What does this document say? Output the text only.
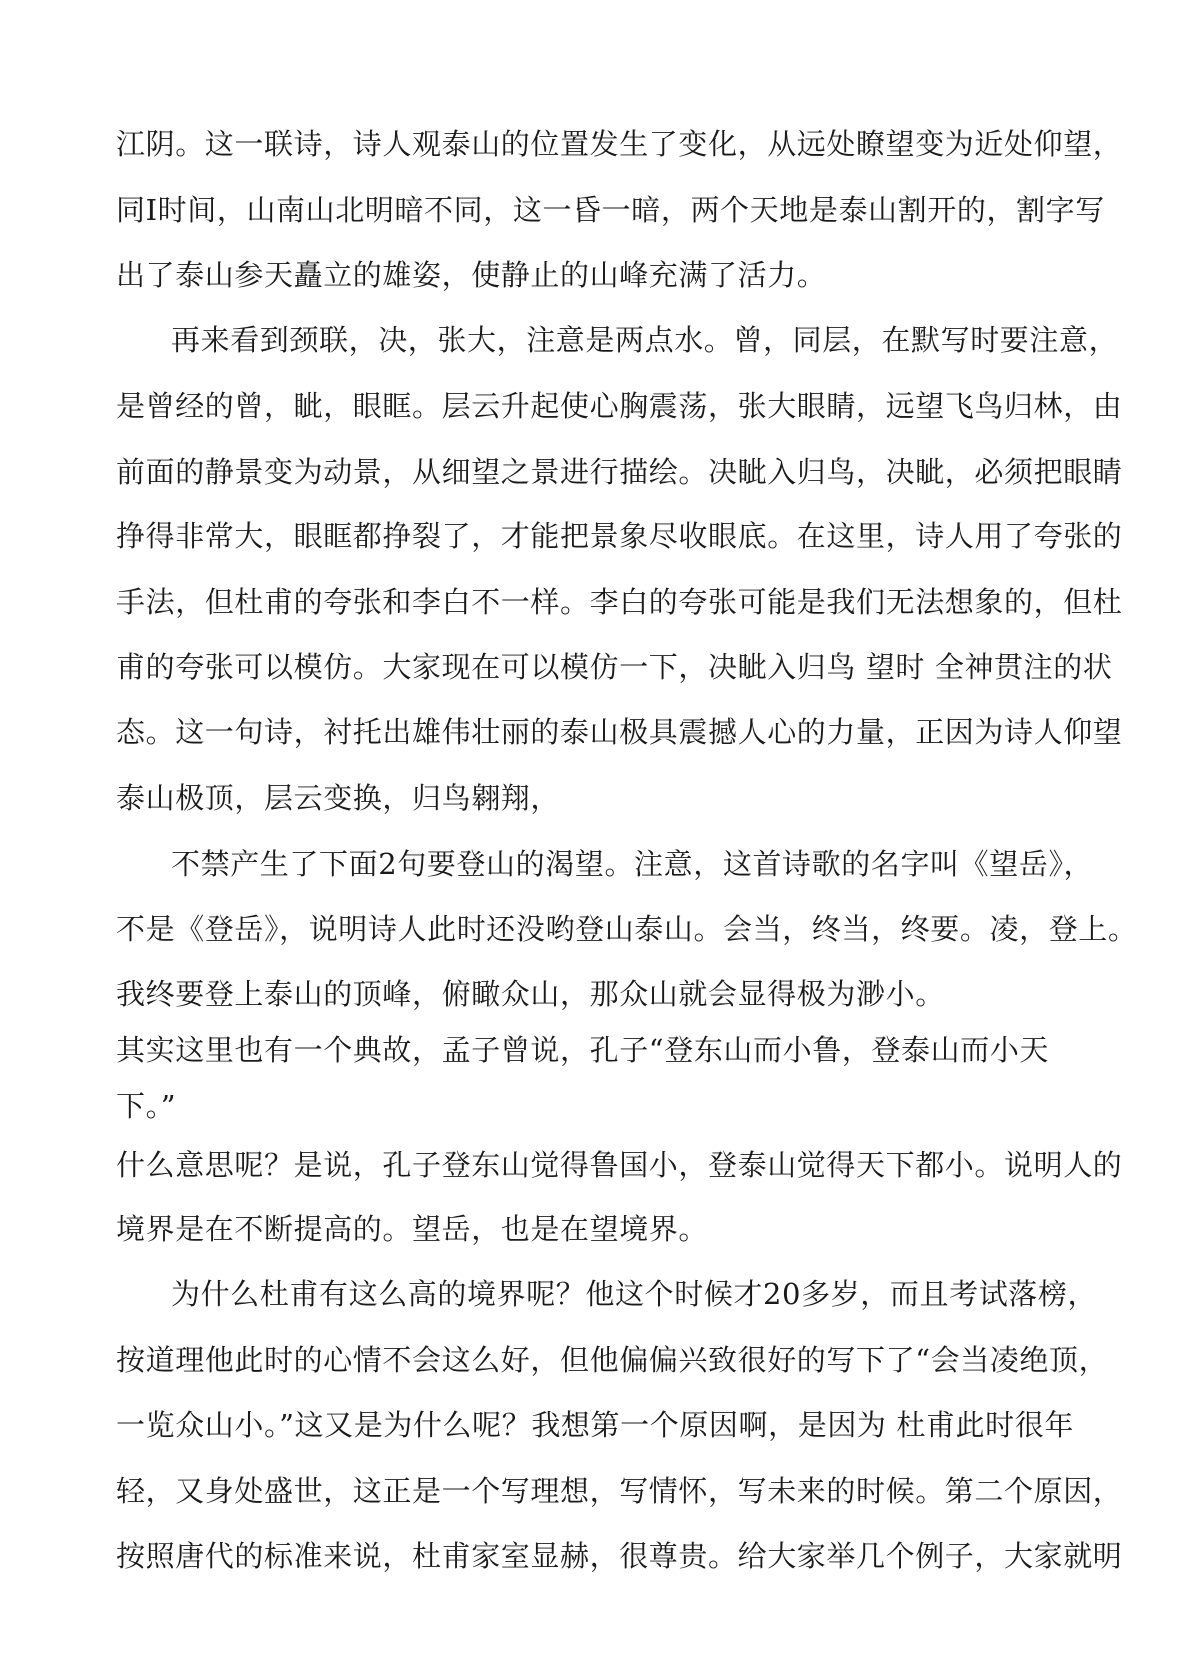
江阴。这一联诗，诗人观泰山的位置发生了变化，从远处瞭望变为近处仰望，

同Ⅰ时间，山南山北明暗不同，这一昏一暗，两个天地是泰山割开的，割字写

出了泰山参天矗立的雄姿，使静止的山峰充满了活力。

再来看到颈联，决，张大，注意是两点水。曾，同层，在默写时要注意，

是曾经的曾，眦，眼眶。层云升起使心胸震荡，张大眼睛，远望飞鸟归林，由

前面的静景变为动景，从细望之景进行描绘。决眦入归鸟，决眦，必须把眼睛

挣得非常大，眼眶都挣裂了，才能把景象尽收眼底。在这里，诗人用了夸张的

手法，但杜甫的夸张和李白不一样。李白的夸张可能是我们无法想象的，但杜

甫的夸张可以模仿。大家现在可以模仿一下，决眦入归鸟 望时 全神贯注的状

态。这一句诗，衬托出雄伟壮丽的泰山极具震撼人心的力量，正因为诗人仰望

泰山极顶，层云变换，归鸟翱翔，

不禁产生了下面2句要登山的渴望。注意，这首诗歌的名字叫《望岳》，

不是《登岳》，说明诗人此时还没哟登山泰山。会当，终当，终要。凌，登上。

我终要登上泰山的顶峰，俯瞰众山，那众山就会显得极为渺小。

其实这里也有一个典故，孟子曾说，孔子“登东山而小鲁，登泰山而小天

下。”

什么意思呢？是说，孔子登东山觉得鲁国小，登泰山觉得天下都小。说明人的

境界是在不断提高的。望岳，也是在望境界。

为什么杜甫有这么高的境界呢？他这个时候才20多岁，而且考试落榜，

按道理他此时的心情不会这么好，但他偏偏兴致很好的写下了“会当凌绝顶，

一览众山小。”这又是为什么呢？我想第一个原因啊，是因为 杜甫此时很年

轻，又身处盛世，这正是一个写理想，写情怀，写未来的时候。第二个原因，

按照唐代的标准来说，杜甫家室显赫，很尊贵。给大家举几个例子，大家就明
